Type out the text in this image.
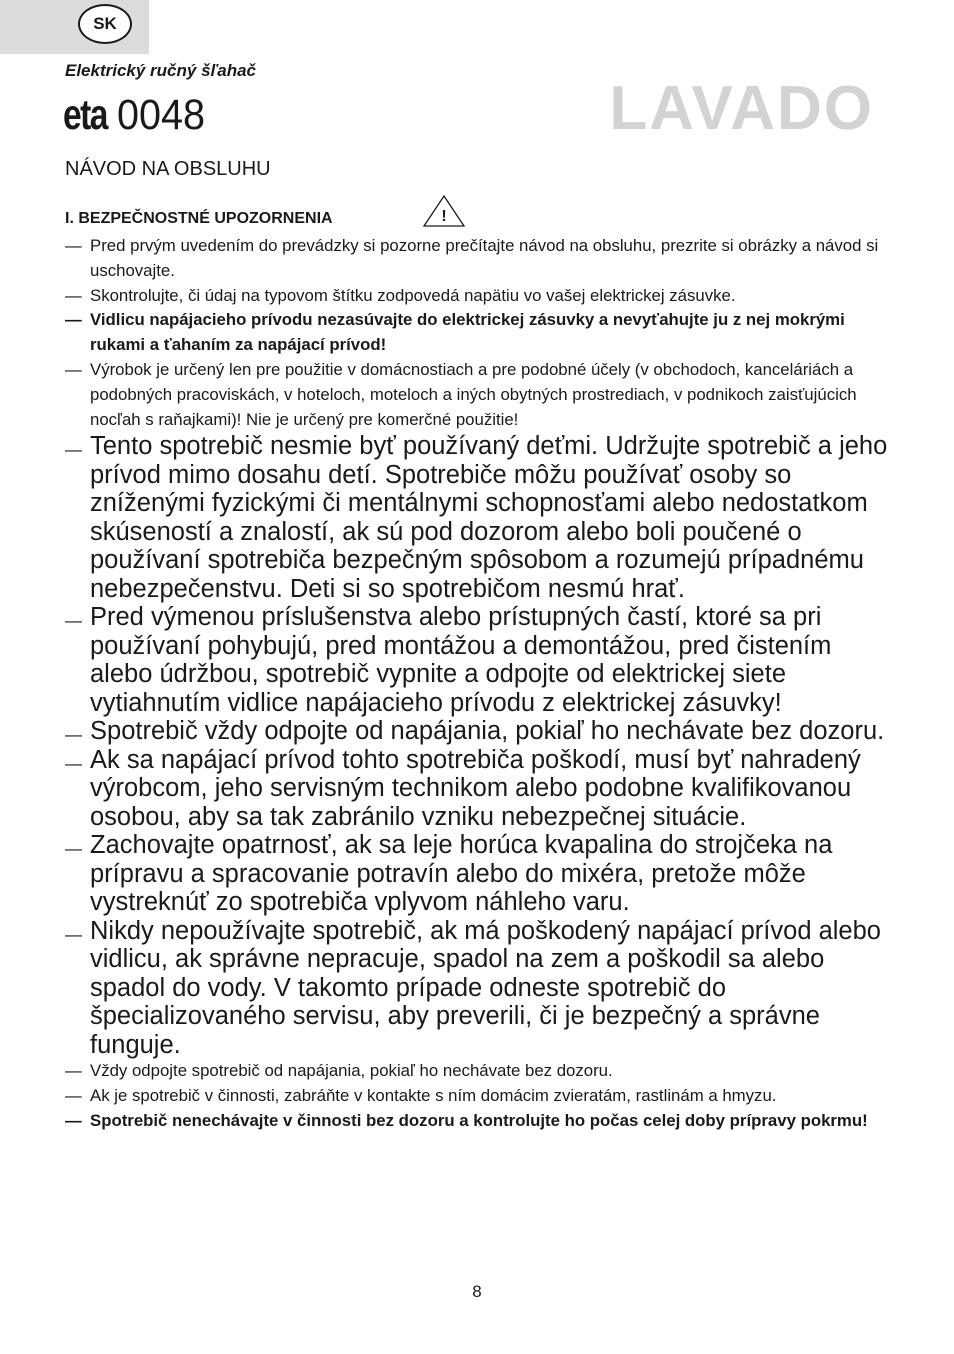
SK
Elektrický ručný šľahač
eta 0048	LAVADO
NÁVOD NA OBSLUHU
I. BEZPEČNOSTNÉ UPOZORNENIA	!
— Pred prvým uvedením do prevádzky si pozorne prečítajte návod na obsluhu, prezrite si obrázky a návod si uschovajte.
— Skontrolujte, či údaj na typovom štítku zodpovedá napätiu vo vašej elektrickej zásuvke.
— Vidlicu napájacieho prívodu nezasúvajte do elektrickej zásuvky a nevyťahujte ju z nej mokrými rukami a ťahaním za napájací prívod!
— Výrobok je určený len pre použitie v domácnostiach a pre podobné účely (v obchodoch, kanceláriách a podobných pracoviskách, v hoteloch, moteloch a iných obytných prostrediach, v podnikoch zaisťujúcich nocľah s raňajkami)! Nie je určený pre komerčné použitie!
— Tento spotrebič nesmie byť používaný deťmi. Udržujte spotrebič a jeho prívod mimo dosahu detí. Spotrebiče môžu používať osoby so zníženými fyzickými či mentálnymi schopnosťami alebo nedostatkom skúseností a znalostí, ak sú pod dozorom alebo boli poučené o používaní spotrebiča bezpečným spôsobom a rozumejú prípadnému nebezpečenstvu. Deti si so spotrebičom nesmú hrať.
— Pred výmenou príslušenstva alebo prístupných častí, ktoré sa pri používaní pohybujú, pred montážou a demontážou, pred čistením alebo údržbou, spotrebič vypnite a odpojte od elektrickej siete vytiahnutím vidlice napájacieho prívodu z elektrickej zásuvky!
— Spotrebič vždy odpojte od napájania, pokiaľ ho nechávate bez dozoru.
— Ak sa napájací prívod tohto spotrebiča poškodí, musí byť nahradený výrobcom, jeho servisným technikom alebo podobne kvalifikovanou osobou, aby sa tak zabránilo vzniku nebezpečnej situácie.
— Zachovajte opatrnosť, ak sa leje horúca kvapalina do strojčeka na prípravu a spracovanie potravín alebo do mixéra, pretože môže vystreknúť zo spotrebiča vplyvom náhleho varu.
— Nikdy nepoužívajte spotrebič, ak má poškodený napájací prívod alebo vidlicu, ak správne nepracuje, spadol na zem a poškodil sa alebo spadol do vody. V takomto prípade odneste spotrebič do špecializovaného servisu, aby preverili, či je bezpečný a správne funguje.
— Vždy odpojte spotrebič od napájania, pokiaľ ho nechávate bez dozoru.
— Ak je spotrebič v činnosti, zabráňte v kontakte s ním domácim zvieratám, rastlinám a hmyzu.
— Spotrebič nenechávajte v činnosti bez dozoru a kontrolujte ho počas celej doby prípravy pokrmu!
8
